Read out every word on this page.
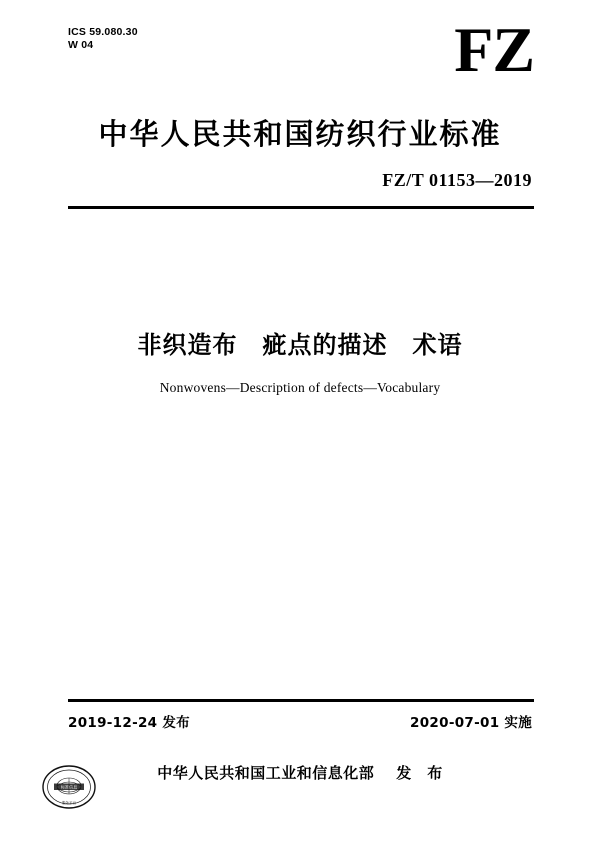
ICS 59.080.30
W 04	FZ
中华人民共和国纺织行业标准
FZ/T 01153—2019
非织造布　疵点的描述　术语
Nonwovens—Description of defects—Vocabulary
2019-12-24 发布	2020-07-01 实施
标准信息
服务平台
中华人民共和国工业和信息化部 发　布
